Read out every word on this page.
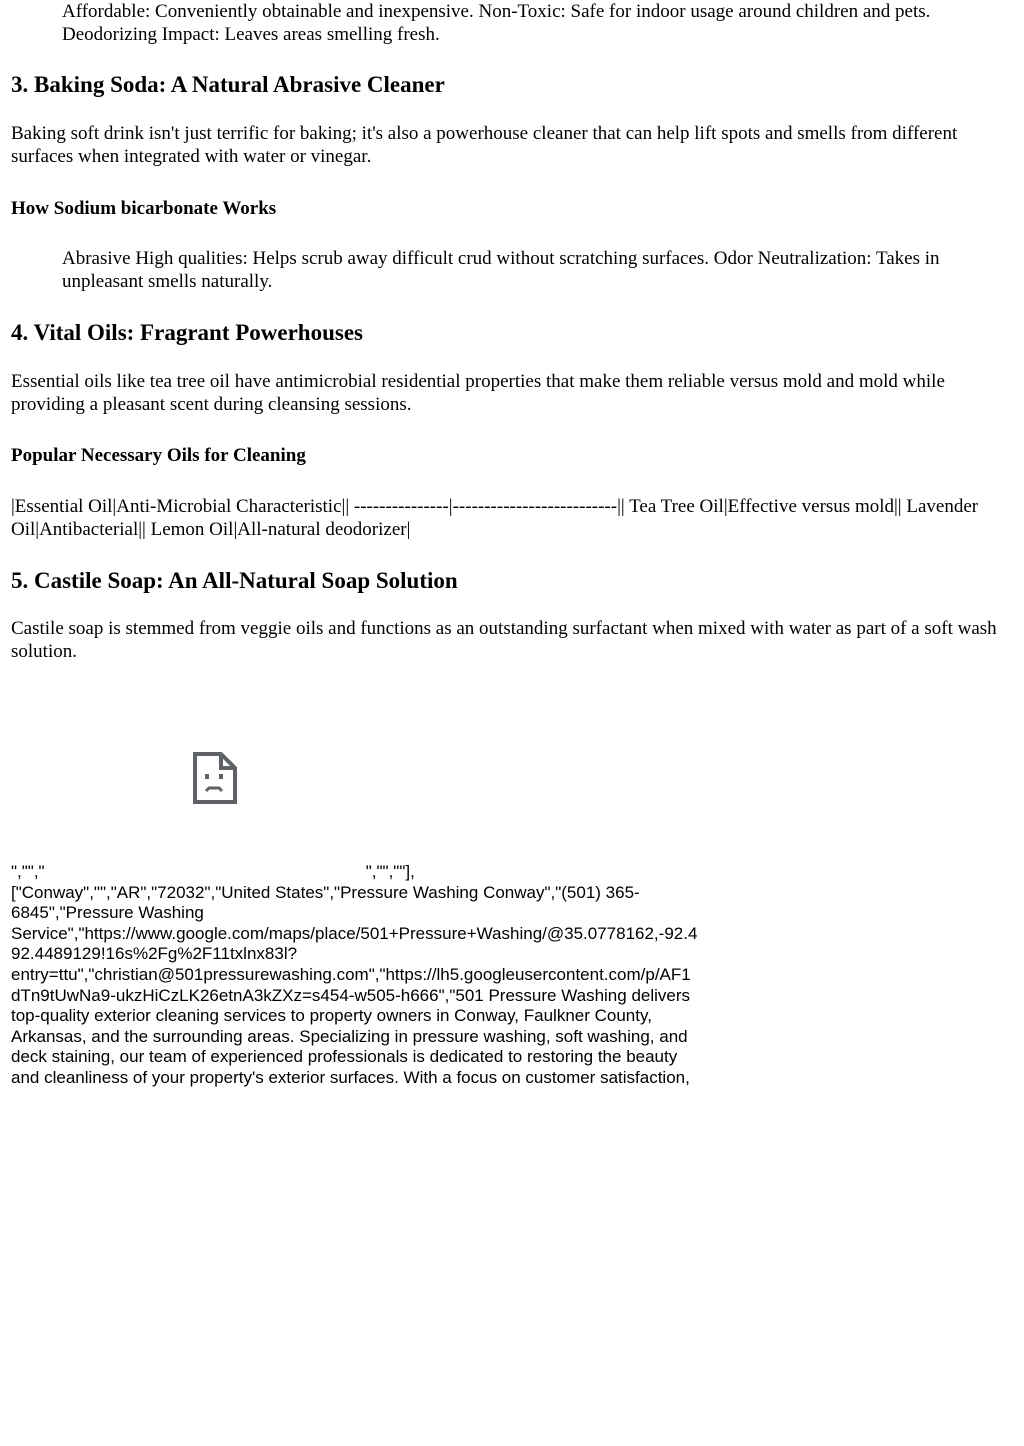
Affordable: Conveniently obtainable and inexpensive. Non-Toxic: Safe for indoor usage around children and pets. Deodorizing Impact: Leaves areas smelling fresh.

3. Baking Soda: A Natural Abrasive Cleaner

Baking soft drink isn't just terrific for baking; it's also a powerhouse cleaner that can help lift spots and smells from different surfaces when integrated with water or vinegar.

How Sodium bicarbonate Works

Abrasive High qualities: Helps scrub away difficult crud without scratching surfaces. Odor Neutralization: Takes in unpleasant smells naturally.

4. Vital Oils: Fragrant Powerhouses

Essential oils like tea tree oil have antimicrobial residential properties that make them reliable versus mold and mold while providing a pleasant scent during cleansing sessions.

Popular Necessary Oils for Cleaning

|Essential Oil|Anti-Microbial Characteristic|| ---------------|--------------------------|| Tea Tree Oil|Effective versus mold|| Lavender Oil|Antibacterial|| Lemon Oil|All-natural deodorizer|

5. Castile Soap: An All-Natural Soap Solution

Castile soap is stemmed from veggie oils and functions as an outstanding surfactant when mixed with water as part of a soft wash solution.

","","                                                                    ","",""],
["Conway","","AR","72032","United States","Pressure Washing Conway","(501) 365-
6845","Pressure Washing
Service","https://www.google.com/maps/place/501+Pressure+Washing/@35.0778162,-92.4
92.4489129!16s%2Fg%2F11txlnx83l?
entry=ttu","christian@501pressurewashing.com","https://lh5.googleusercontent.com/p/AF1
dTn9tUwNa9-ukzHiCzLK26etnA3kZXz=s454-w505-h666","501 Pressure Washing delivers
top-quality exterior cleaning services to property owners in Conway, Faulkner County,
Arkansas, and the surrounding areas. Specializing in pressure washing, soft washing, and
deck staining, our team of experienced professionals is dedicated to restoring the beauty
and cleanliness of your property's exterior surfaces. With a focus on customer satisfaction,
